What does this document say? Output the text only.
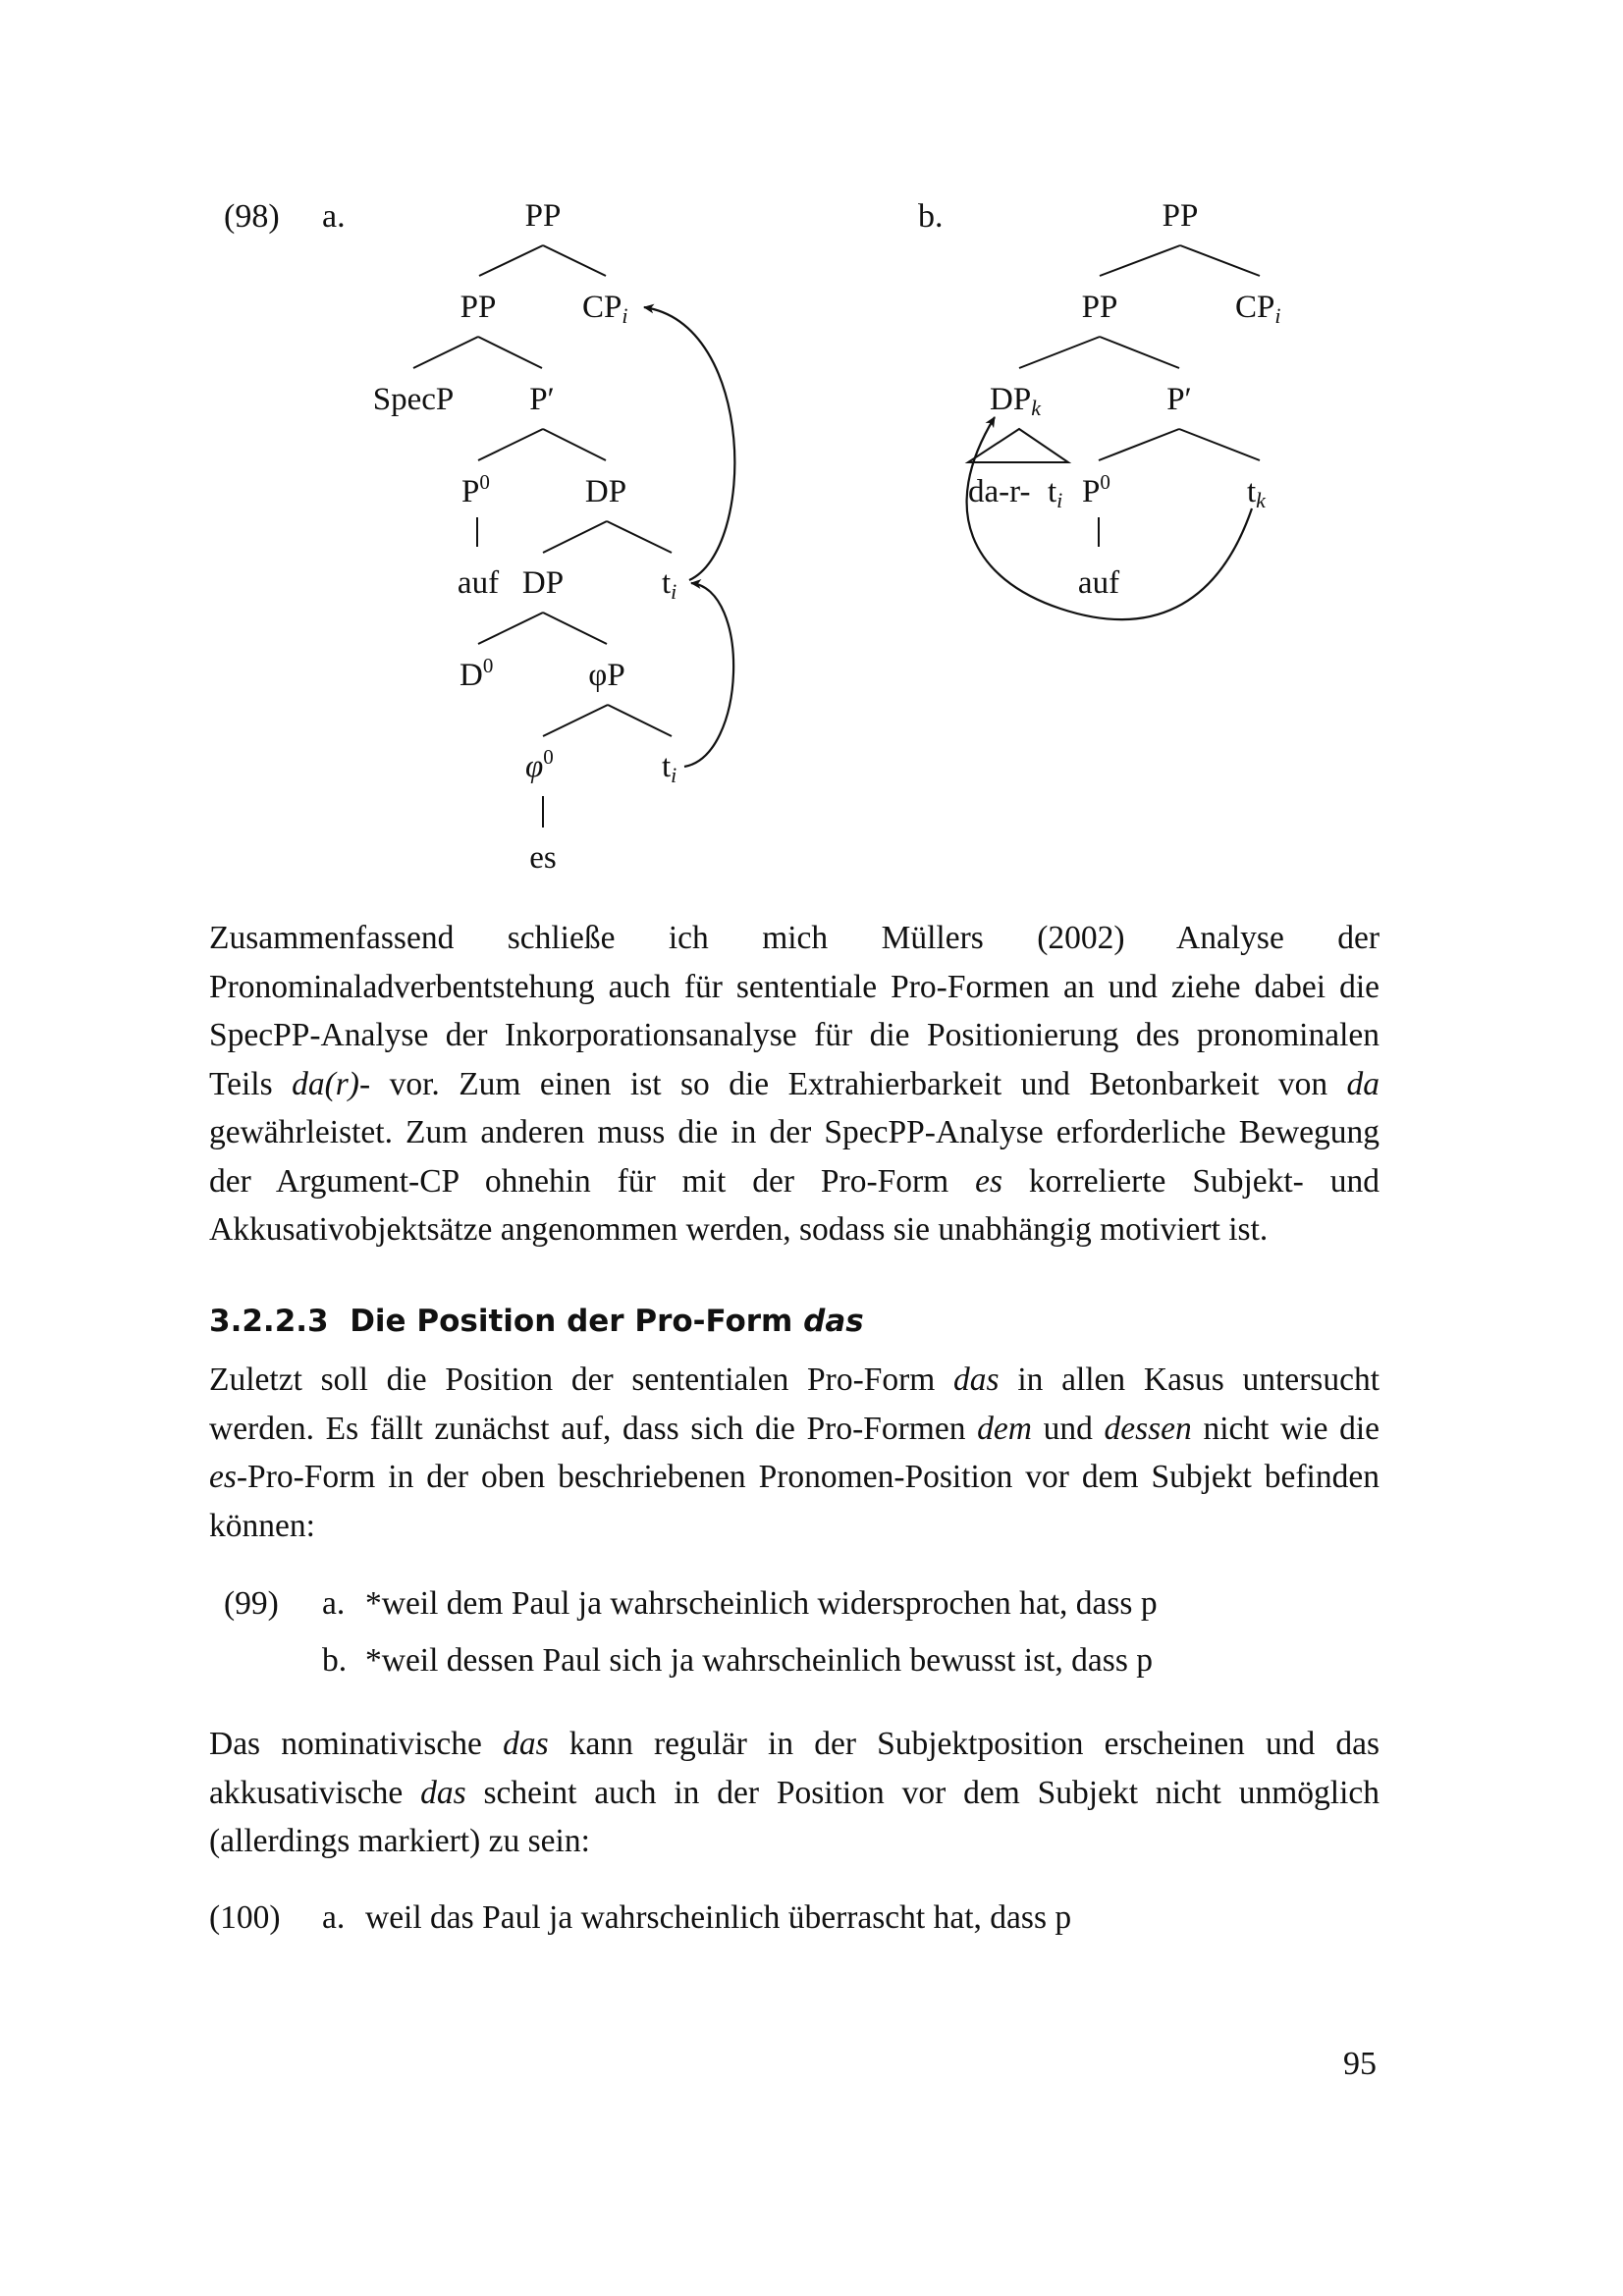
(98) a.	b.
PP
PP	CPi
SpecP P′
$P^0$	DP
auf DP	ti
$D^0$	φP
$\varphi^0$	ti
es
PP
PP	CPi
DPk	P′
da-r- ti $P^0$	tk
auf

Zusammenfassend schließe ich mich Müllers (2002) Analyse der Pronominaladverbentstehung auch für sententiale Pro-Formen an und ziehe dabei die SpecPP-Analyse der Inkorporationsanalyse für die Positionierung des pronominalen Teils da(r)- vor. Zum einen ist so die Extrahierbarkeit und Betonbarkeit von da gewährleistet. Zum anderen muss die in der SpecPP-Analyse erforderliche Bewegung der Argument-CP ohnehin für mit der Pro-Form es korrelierte Subjekt- und Akkusativobjektsätze angenommen werden, sodass sie unabhängig motiviert ist.

3.2.2.3 Die Position der Pro-Form das

Zuletzt soll die Position der sententialen Pro-Form das in allen Kasus untersucht werden. Es fällt zunächst auf, dass sich die Pro-Formen dem und dessen nicht wie die es-Pro-Form in der oben beschriebenen Pronomen-Position vor dem Subjekt befinden können:

(99) a. *weil dem Paul ja wahrscheinlich widersprochen hat, dass p
b. *weil dessen Paul sich ja wahrscheinlich bewusst ist, dass p

Das nominativische das kann regulär in der Subjektposition erscheinen und das akkusativische das scheint auch in der Position vor dem Subjekt nicht unmöglich (allerdings markiert) zu sein:

(100) a. weil das Paul ja wahrscheinlich überrascht hat, dass p
95
